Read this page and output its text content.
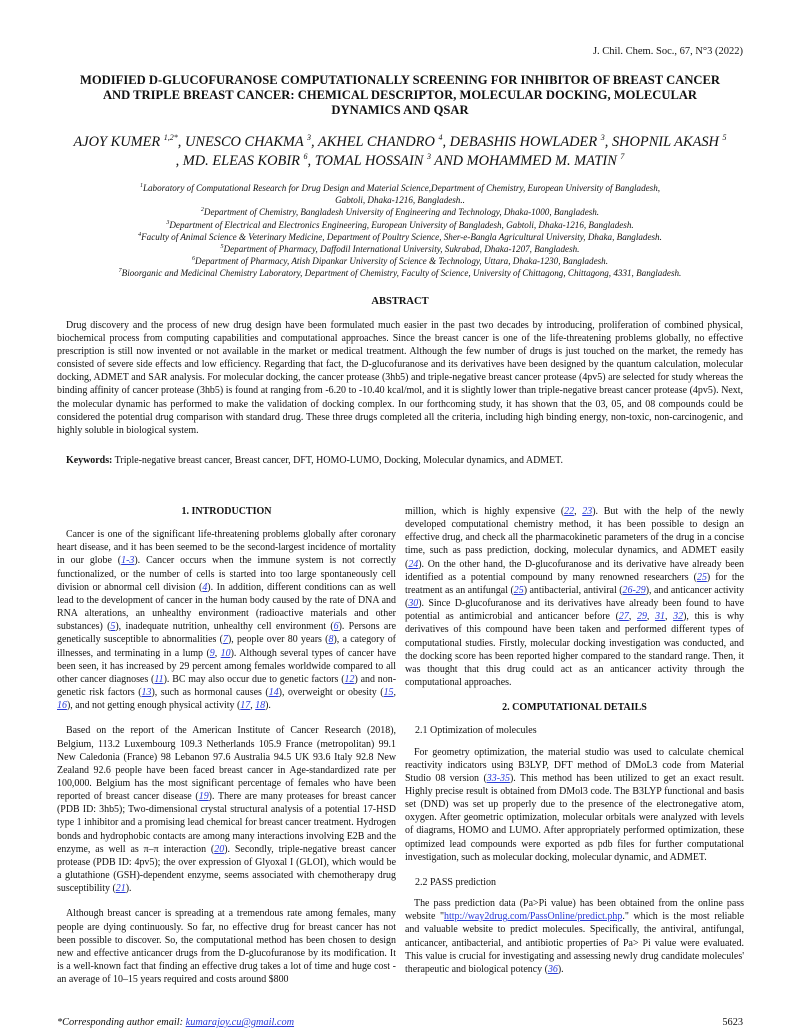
J. Chil. Chem. Soc., 67, N°3 (2022)
MODIFIED D-GLUCOFURANOSE COMPUTATIONALLY SCREENING FOR INHIBITOR OF BREAST CANCER
AND TRIPLE BREAST CANCER: CHEMICAL DESCRIPTOR, MOLECULAR DOCKING, MOLECULAR
DYNAMICS AND QSAR
AJOY KUMER $^{1,2*}$, UNESCO CHAKMA $^3$, AKHEL CHANDRO $^4$, DEBASHIS HOWLADER $^3$, SHOPNIL AKASH $^5$
, MD. ELEAS KOBIR $^6$, TOMAL HOSSAIN $^3$ AND MOHAMMED M. MATIN $^7$
$^1$Laboratory of Computational Research for Drug Design and Material Science,Department of Chemistry, European University of Bangladesh,
Gabtoli, Dhaka-1216, Bangladesh..
$^2$Department of Chemistry, Bangladesh University of Engineering and Technology, Dhaka-1000, Bangladesh.
$^3$Department of Electrical and Electronics Engineering, European University of Bangladesh, Gabtoli, Dhaka-1216, Bangladesh.
$^4$Faculty of Animal Science & Veterinary Medicine, Department of Poultry Science, Sher-e-Bangla Agricultural University, Dhaka, Bangladesh.
$^5$Department of Pharmacy, Daffodil International University, Sukrabad, Dhaka-1207, Bangladesh.
$^6$Department of Pharmacy, Atish Dipankar University of Science & Technology, Uttara, Dhaka-1230, Bangladesh.
$^7$Bioorganic and Medicinal Chemistry Laboratory, Department of Chemistry, Faculty of Science, University of Chittagong, Chittagong, 4331, Bangladesh.
ABSTRACT
Drug discovery and the process of new drug design have been formulated much easier in the past two decades by introducing, proliferation of combined physical, biochemical process from computing capabilities and computational approaches. Since the breast cancer is one of the life-threatening problems globally, no effective prescription is still now invented or not available in the market or medical treatment. Although the few number of drugs is just touched on the market, the remedy has consisted of severe side effects and low efficiency. Regarding that fact, the D-glucofuranose and its derivatives have been designed by the quantum calculation, molecular docking, ADMET and SAR analysis. For molecular docking, the cancer protease (3hb5) and triple-negative breast cancer protease (4pv5) are selected for study whereas the binding affinity of cancer protease (3hb5) is found at ranging from -6.20 to -10.40 kcal/mol, and it is slightly lower than triple-negative breast cancer protease (4pv5). Next, the molecular dynamic has performed to make the validation of docking complex. In our forthcoming study, it has shown that the 03, 05, and 08 compounds could be considered the potential drug comparison with standard drug. These three drugs completed all the criteria, including high binding energy, non-toxic, non-carcinogenic, and highly soluble in biological system.
Keywords: Triple-negative breast cancer, Breast cancer, DFT, HOMO-LUMO, Docking, Molecular dynamics, and ADMET.
1. INTRODUCTION

Cancer is one of the significant life-threatening problems globally after coronary heart disease, and it has been seemed to be the second-largest incidence of mortality in our globe (1-3). Cancer occurs when the immune system is not correctly functionalized, or the number of cells is started into too large spontaneously cell division or abnormal cell division (4). In addition, different conditions can as well lead to the development of cancer in the human body caused by the rate of DNA and RNA alterations, an unhealthy environment (radioactive materials and other substances) (5), inadequate nutrition, unhealthy cell environment (6). Persons are genetically susceptible to abnormalities (7), people over 80 years (8), a category of illnesses, and terminating in a lump (9, 10). Although several types of cancer have been seen, it has increased by 29 percent among females worldwide compared to all other cancer diagnoses (11). BC may also occur due to genetic factors (12) and non-genetic risk factors (13), such as hormonal causes (14), overweight or obesity (15, 16), and not getting enough physical activity (17, 18).

Based on the report of the American Institute of Cancer Research (2018), Belgium, 113.2 Luxembourg 109.3 Netherlands 105.9 France (metropolitan) 99.1 New Caledonia (France) 98 Lebanon 97.6 Australia 94.5 UK 93.6 Italy 92.8 New Zealand 92.6 people have been faced breast cancer in Age-standardized rate per 100,000. Belgium has the most significant percentage of females who have been reported of breast cancer disease (19). There are many proteases for breast cancer (PDB ID: 3hb5); Two-dimensional crystal structural analysis of a potential 17-HSD type 1 inhibitor and a promising lead chemical for breast cancer treatment. Hydrogen bonds and hydrophobic contacts are among many interactions involving E2B and the enzyme, as well as π–π interaction (20). Secondly, triple-negative breast cancer protease (PDB ID: 4pv5); the over expression of Glyoxal I (GLOI), which would be a glutathione (GSH)-dependent enzyme, seems associated with chemotherapy drug susceptibility (21).

Although breast cancer is spreading at a tremendous rate among females, many people are dying continuously. So far, no effective drug for breast cancer has not been possible to discover. So, the computational method has been chosen to design new and effective anticancer drugs from the D-glucofuranose by its modification. It is a well-known fact that finding an effective drug takes a lot of time and huge cost -an average of 10–15 years required and costs around $800

million, which is highly expensive (22, 23). But with the help of the newly developed computational chemistry method, it has been possible to design an effective drug, and check all the pharmacokinetic parameters of the drug in a concise time, such as pass prediction, docking, molecular dynamics, and ADMET easily (24). On the other hand, the D-glucofuranose and its derivative have already been identified as a potential compound by many renowned researchers (25) for the treatment as an antifungal (25) antibacterial, antiviral (26-29), and anticancer activity (30). Since D-glucofuranose and its derivatives have already been found to have potential as antimicrobial and anticancer before (27, 29, 31, 32), this is why derivatives of this compound have been taken and performed different types of computational studies. Firstly, molecular docking investigation was conducted, and the docking score has been reported higher compared to the standard range. Then, it was thought that this drug could act as an anticancer activity through the computational approaches.

2. COMPUTATIONAL DETAILS
2.1 Optimization of molecules

For geometry optimization, the material studio was used to calculate chemical reactivity indicators using B3LYP, DFT method of DMoL3 code from Material Studio 08 version (33-35). This method has been utilized to get an exact result. Highly precise result is obtained from DMol3 code. The B3LYP functional and basis set (DND) was set up properly due to the presence of the electronegative atom, oxygen. After geometric optimization, molecular orbitals were analyzed with levels of diagrams, HOMO and LUMO. After appropriately performed optimization, these optimized lead compounds were exported as pdb files for further computational investigation, such as molecular docking, molecular dynamic, and ADMET.

2.2 PASS prediction

The pass prediction data (Pa>Pi value) has been obtained from the online pass website "http://way2drug.com/PassOnline/predict.php." which is the most reliable and valuable website to predict molecules. Specifically, the antiviral, antifungal, anticancer, antibacterial, and antibiotic properties of Pa> Pi value were evaluated. This value is crucial for investigating and assessing newly drug candidate molecules' therapeutic and biological potency (36).

*Corresponding author email: kumarajoy.cu@gmail.com	5623
